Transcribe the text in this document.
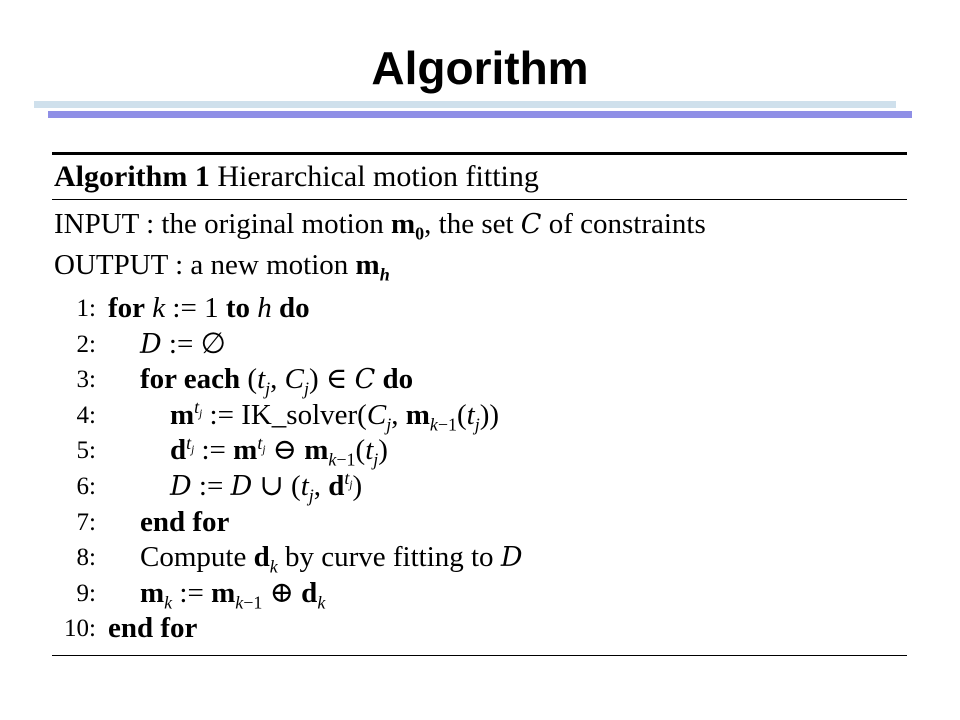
Algorithm
Algorithm 1 Hierarchical motion fitting
INPUT : the original motion $m_0$, the set C of constraints
OUTPUT : a new motion $m_h$
1: for k := 1 to h do
2: D := ∅
3: for each ($t_j$, $C_j$) ∈ C do
4:	$m^{t_j}$ := $IK\_solver(C_j$, $m_{k-1}(t_j)$)
5:	$d^{t_j}$ := $m^{t_j}$ ⊖ $m_{k-1}(t_j)$
6:	D := D ∪ ($t_j$, $d^{t_j}$)
7: end for
8: Compute $d_k$ by curve fitting to D
9: $m_k$ := $m_{k-1}$ ⊕ $d_k$
10: end for
